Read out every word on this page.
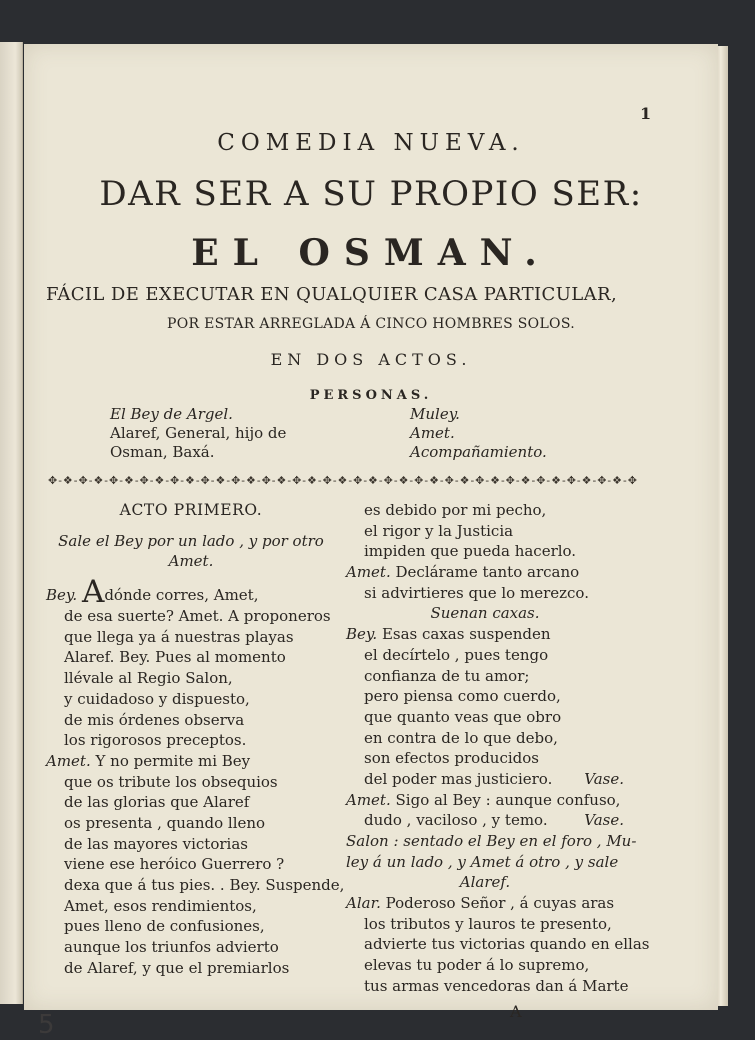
1

COMEDIA NUEVA.

DAR SER A SU PROPIO SER:

EL OSMAN.

FÁCIL DE EXECUTAR EN QUALQUIER CASA PARTICULAR,

POR ESTAR ARREGLADA Á CINCO HOMBRES SOLOS.

EN DOS ACTOS.

PERSONAS.

El Bey de Argel.
Alaref, General, hijo de
Osman, Baxá.
Muley.
Amet.
Acompañamiento.
✥-❖-✥-❖-✥-❖-✥-❖-✥-❖-✥-❖-✥-❖-✥-❖-✥-❖-✥-❖-✥-❖-✥-❖-✥-❖-✥-❖-✥-❖-✥-❖-✥-❖-✥-❖-✥-❖-✥
ACTO PRIMERO.
Sale el Bey por un lado , y por otro
Amet.
Bey. Adónde corres, Amet,
de esa suerte? Amet. A proponeros
que llega ya á nuestras playas
Alaref. Bey. Pues al momento
llévale al Regio Salon,
y cuidadoso y dispuesto,
de mis órdenes observa
los rigorosos preceptos.
Amet. Y no permite mi Bey
que os tribute los obsequios
de las glorias que Alaref
os presenta , quando lleno
de las mayores victorias
viene ese heróico Guerrero ?
dexa que á tus pies. . Bey. Suspende,
Amet, esos rendimientos,
pues lleno de confusiones,
aunque los triunfos advierto
de Alaref, y que el premiarlos
es debido por mi pecho,
el rigor y la Justicia
impiden que pueda hacerlo.
Amet. Declárame tanto arcano
si advirtieres que lo merezco.
Suenan caxas.
Bey. Esas caxas suspenden
el decírtelo , pues tengo
confianza de tu amor;
pero piensa como cuerdo,
que quanto veas que obro
en contra de lo que debo,
son efectos producidos
del poder mas justiciero. Vase.
Amet. Sigo al Bey : aunque confuso,
dudo , vaciloso , y temo. Vase.
Salon : sentado el Bey en el foro , Mu-
ley á un lado , y Amet á otro , y sale
Alaref.
Alar. Poderoso Señor , á cuyas aras
los tributos y lauros te presento,
advierte tus victorias quando en ellas
elevas tu poder á lo supremo,
tus armas vencedoras dan á Marte

A

5
